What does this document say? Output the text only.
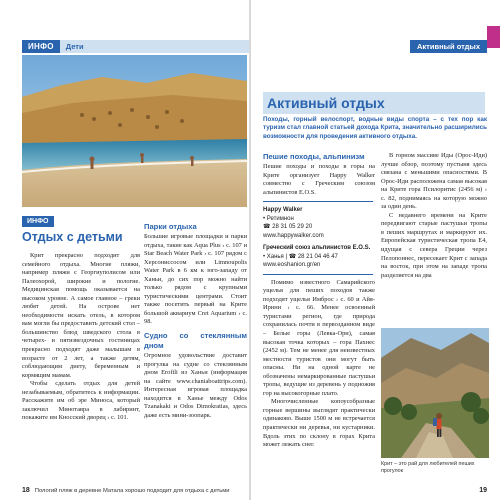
ИНФО	Дети
ИНФО
Отдых с детьми

Крит прекрасно подходит для семейного отдыха. Многие пляжи, например пляжи с Георгиуполисом или Палеохорой, широкие и пологие. Медицинская помощь оказывается на высоком уровне. А самое главное – греки любят детей. На острове нет необходимости искать отель, в котором вам могли бы предоставить детский стол – большинство блюд шведского стола в четырех- и пятизвездочных гостиницах прекрасно подходят даже малышам в возрасте от 2 лет, а также детям, соблюдающим диету, беременным и кормящим мамам.

Чтобы сделать отдых для детей незабываемым, обратитесь к информации. Расскажите им об эре Миноса, который заключил Минотавра в лабиринт, покажите им Кносский дворец › с. 101.

Парки отдыха

Большие игровые площадки и парки отдыха, такие как Aqua Plus › с. 107 и Star Beach Water Park › с. 107 рядом с Херсониссосом или Limnoupolis Water Park в 6 км к юго-западу от Ханьи, до сих пор можно найти только рядом с крупными туристическими центрами. Стоит также посетить первый на Крите большой аквариум Cret Aquarium › с. 98.

Судно со стеклянным дном

Огромное удовольствие доставит прогулка на судне со стеклянным дном Erofili из Ханьи (информация на сайте www.chaniaboattrips.com). Интересная игровая площадка находится в Ханье между Odos Tzanakaki и Odos Dimokratias, здесь даже есть мини-зоопарк.

18 Пологий пляж в деревне Матала хорошо подходит для отдыха с детьми
Активный отдых
Активный отдых
Походы, горный велоспорт, водные виды спорта – с тех пор как туризм стал главной статьей дохода Крита, значительно расширились возможности для проведения активного отдыха.
Пешие походы, альпинизм

Пешие походы и походы в горы на Крите организует Happy Walker совместно с Греческим союзом альпинистов E.O.S.

Happy Walker
• Ретимнон
☎ 28 31 05 29 20
www.happywalker.com
Греческий союз альпинистов E.O.S.
• Ханья | ☎ 28 21 04 46 47
www.eoshanion.gr/en

Помимо известного Самарийского ущелья для пеших походов также подходят ущелья Имброс › с. 60 и Айя-Ирини › с. 66. Менее освоенный туристами регион, где природа сохранилась почти в первозданном виде – Белые горы (Левка-Ори), самая высокая точка которых – гора Пахнес (2452 м). Тем не менее для неизвестных местности туристов они могут быть опасны. Ни на одной карте не обозначены немаркированные пастушьи тропы, ведущие из деревень у подножия гор на высокогорные плато.

Многочисленные копоусобразные горные вершины выглядят практически одинаково. Выше 1500 м не встречается практически ни деревья, ни кустарники. Вдоль этих по склону в горах Крита может лежать снег.

В горном массиве Иды (Орос-Иди) лучше обзор, поэтому пустыня здесь связана с меньшими опасностями. В Орос-Иди расположена самая высокая на Крите гора Псилоритис (2456 м) › с. 82, поднимаясь на которую можно за один день.

С недавнего времени на Крите передвигают старые пастушьи тропы в пеших маршрутах и маркируют их. Европейская туристическая тропа Е4, идущая с севера Греции через Пелопоннес, пересекает Крит с запада на восток, при этом на западе тропа разделяется на два

Крит – это рай для любителей пеших прогулок
19
